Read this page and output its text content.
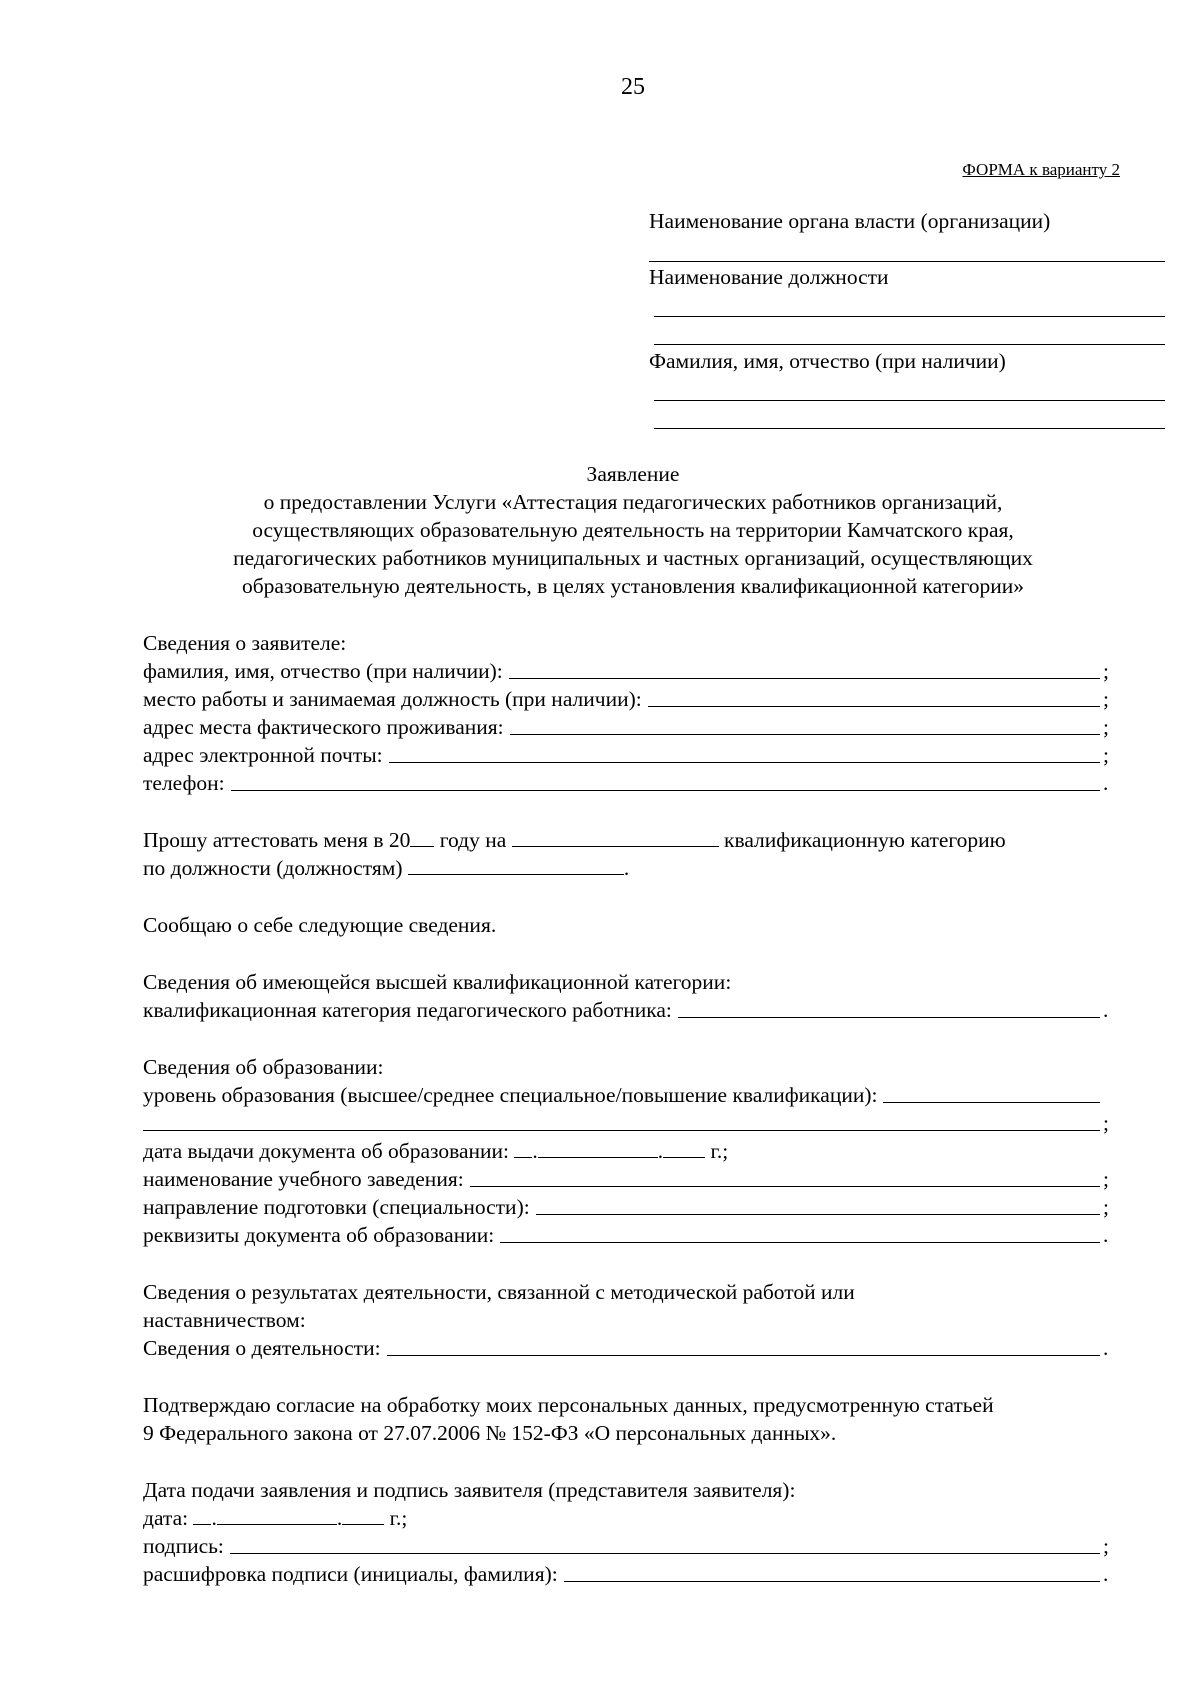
25
ФОРМА к варианту 2
Наименование органа власти (организации)
Наименование должности
Фамилия, имя, отчество (при наличии)
Заявление
о предоставлении Услуги «Аттестация педагогических работников организаций,
осуществляющих образовательную деятельность на территории Камчатского края,
педагогических работников муниципальных и частных организаций, осуществляющих
образовательную деятельность, в целях установления квалификационной категории»
Сведения о заявителе:
фамилия, имя, отчество (при наличии):	;
место работы и занимаемая должность (при наличии):	;
адрес места фактического проживания:	;
адрес электронной почты:	;
телефон:	.
Прошу аттестовать меня в 20 году на	квалификационную категорию
по должности (должностям)	.
Сообщаю о себе следующие сведения.
Сведения об имеющейся высшей квалификационной категории:
квалификационная категория педагогического работника:	.
Сведения об образовании:
уровень образования (высшее/среднее специальное/повышение квалификации):
;
дата выдачи документа об образовании: .	. г.;
наименование учебного заведения:	;
направление подготовки (специальности):	;
реквизиты документа об образовании:	.
Сведения о результатах деятельности, связанной с методической работой или
наставничеством:
Сведения о деятельности:	.
Подтверждаю согласие на обработку моих персональных данных, предусмотренную статьей
9 Федерального закона от 27.07.2006 № 152-ФЗ «О персональных данных».
Дата подачи заявления и подпись заявителя (представителя заявителя):
дата: .	. г.;
подпись:	;
расшифровка подписи (инициалы, фамилия):	.
